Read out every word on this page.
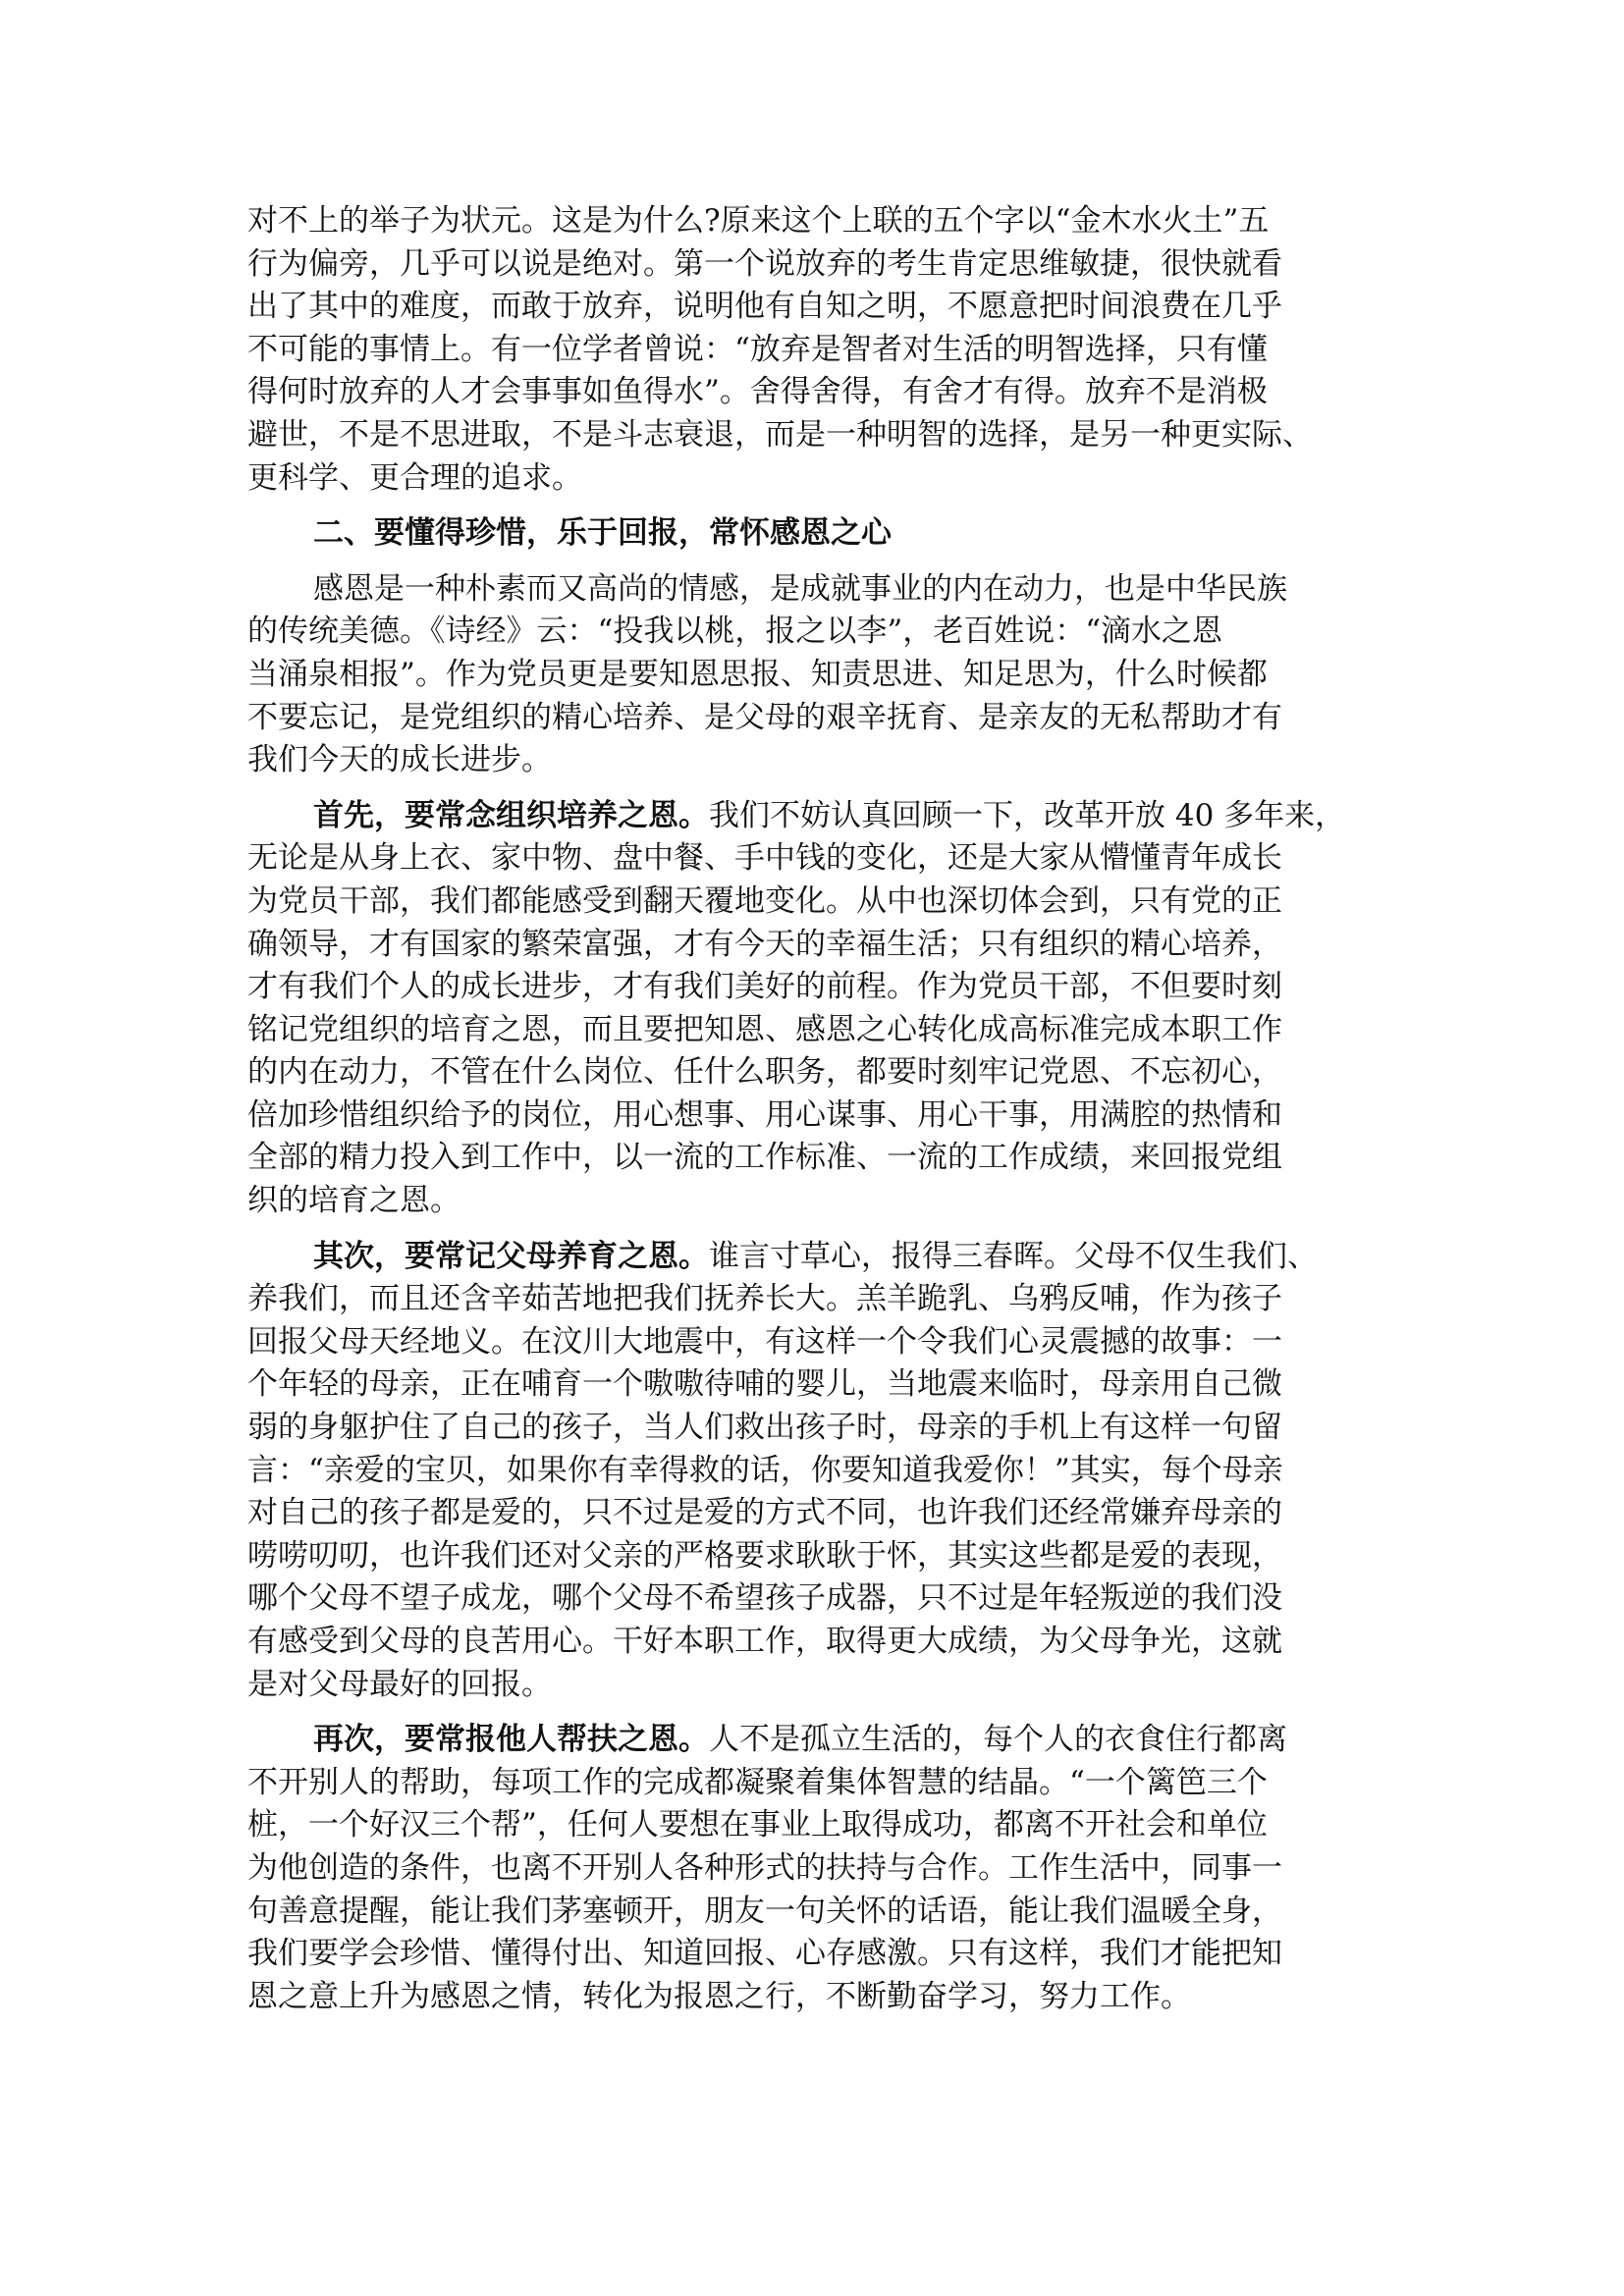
对不上的举子为状元。这是为什么?原来这个上联的五个字以“金木水火土”五
行为偏旁，几乎可以说是绝对。第一个说放弃的考生肯定思维敏捷，很快就看
出了其中的难度，而敢于放弃，说明他有自知之明，不愿意把时间浪费在几乎
不可能的事情上。有一位学者曾说：“放弃是智者对生活的明智选择，只有懂
得何时放弃的人才会事事如鱼得水”。舍得舍得，有舍才有得。放弃不是消极
避世，不是不思进取，不是斗志衰退，而是一种明智的选择，是另一种更实际、
更科学、更合理的追求。
二、要懂得珍惜，乐于回报，常怀感恩之心
感恩是一种朴素而又高尚的情感，是成就事业的内在动力，也是中华民族
的传统美德。《诗经》云：“投我以桃，报之以李”，老百姓说：“滴水之恩
当涌泉相报”。作为党员更是要知恩思报、知责思进、知足思为，什么时候都
不要忘记，是党组织的精心培养、是父母的艰辛抚育、是亲友的无私帮助才有
我们今天的成长进步。
首先，要常念组织培养之恩。我们不妨认真回顾一下，改革开放 40 多年来，
无论是从身上衣、家中物、盘中餐、手中钱的变化，还是大家从懵懂青年成长
为党员干部，我们都能感受到翻天覆地变化。从中也深切体会到，只有党的正
确领导，才有国家的繁荣富强，才有今天的幸福生活；只有组织的精心培养，
才有我们个人的成长进步，才有我们美好的前程。作为党员干部，不但要时刻
铭记党组织的培育之恩，而且要把知恩、感恩之心转化成高标准完成本职工作
的内在动力，不管在什么岗位、任什么职务，都要时刻牢记党恩、不忘初心，
倍加珍惜组织给予的岗位，用心想事、用心谋事、用心干事，用满腔的热情和
全部的精力投入到工作中，以一流的工作标准、一流的工作成绩，来回报党组
织的培育之恩。
其次，要常记父母养育之恩。谁言寸草心，报得三春晖。父母不仅生我们、
养我们，而且还含辛茹苦地把我们抚养长大。羔羊跪乳、乌鸦反哺，作为孩子
回报父母天经地义。在汶川大地震中，有这样一个令我们心灵震撼的故事：一
个年轻的母亲，正在哺育一个嗷嗷待哺的婴儿，当地震来临时，母亲用自己微
弱的身躯护住了自己的孩子，当人们救出孩子时，母亲的手机上有这样一句留
言：“亲爱的宝贝，如果你有幸得救的话，你要知道我爱你！”其实，每个母亲
对自己的孩子都是爱的，只不过是爱的方式不同，也许我们还经常嫌弃母亲的
唠唠叨叨，也许我们还对父亲的严格要求耿耿于怀，其实这些都是爱的表现，
哪个父母不望子成龙，哪个父母不希望孩子成器，只不过是年轻叛逆的我们没
有感受到父母的良苦用心。干好本职工作，取得更大成绩，为父母争光，这就
是对父母最好的回报。
再次，要常报他人帮扶之恩。人不是孤立生活的，每个人的衣食住行都离
不开别人的帮助，每项工作的完成都凝聚着集体智慧的结晶。“一个篱笆三个
桩，一个好汉三个帮”，任何人要想在事业上取得成功，都离不开社会和单位
为他创造的条件，也离不开别人各种形式的扶持与合作。工作生活中，同事一
句善意提醒，能让我们茅塞顿开，朋友一句关怀的话语，能让我们温暖全身，
我们要学会珍惜、懂得付出、知道回报、心存感激。只有这样，我们才能把知
恩之意上升为感恩之情，转化为报恩之行，不断勤奋学习，努力工作。
